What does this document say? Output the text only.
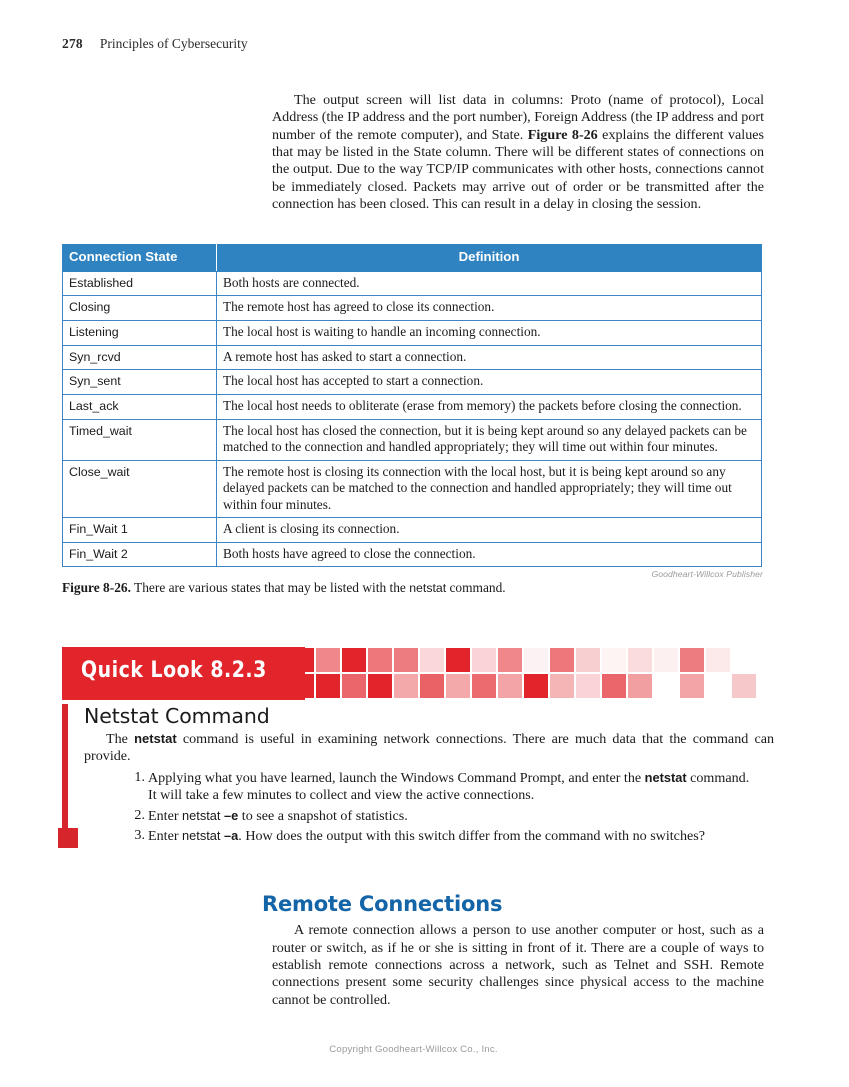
278 Principles of Cybersecurity

The output screen will list data in columns: Proto (name of protocol), Local Address (the IP address and the port number), Foreign Address (the IP address and port number of the remote computer), and State. Figure 8-26 explains the different values that may be listed in the State column. There will be different states of connections on the output. Due to the way TCP/IP communicates with other hosts, connections cannot be immediately closed. Packets may arrive out of order or be transmitted after the connection has been closed. This can result in a delay in closing the session.

Connection State	Definition
Established	Both hosts are connected.
Closing	The remote host has agreed to close its connection.
Listening	The local host is waiting to handle an incoming connection.
Syn_rcvd	A remote host has asked to start a connection.
Syn_sent	The local host has accepted to start a connection.
Last_ack	The local host needs to obliterate (erase from memory) the packets before closing the connection.
Timed_wait	The local host has closed the connection, but it is being kept around so any delayed packets can be matched to the connection and handled appropriately; they will time out within four minutes.
Close_wait	The remote host is closing its connection with the local host, but it is being kept around so any delayed packets can be matched to the connection and handled appropriately; they will time out within four minutes.
Fin_Wait 1	A client is closing its connection.
Fin_Wait 2	Both hosts have agreed to close the connection.
Goodheart-Willcox Publisher
Figure 8-26. There are various states that may be listed with the netstat command.
Quick Look 8.2.3
Netstat Command

The netstat command is useful in examining network connections. There are much data that the command can provide.

1. Applying what you have learned, launch the Windows Command Prompt, and enter the netstat command. It will take a few minutes to collect and view the active connections.
2. Enter netstat –e to see a snapshot of statistics.
3. Enter netstat –a. How does the output with this switch differ from the command with no switches?
Remote Connections

A remote connection allows a person to use another computer or host, such as a router or switch, as if he or she is sitting in front of it. There are a couple of ways to establish remote connections across a network, such as Telnet and SSH. Remote connections present some security challenges since physical access to the machine cannot be controlled.

Copyright Goodheart-Willcox Co., Inc.
